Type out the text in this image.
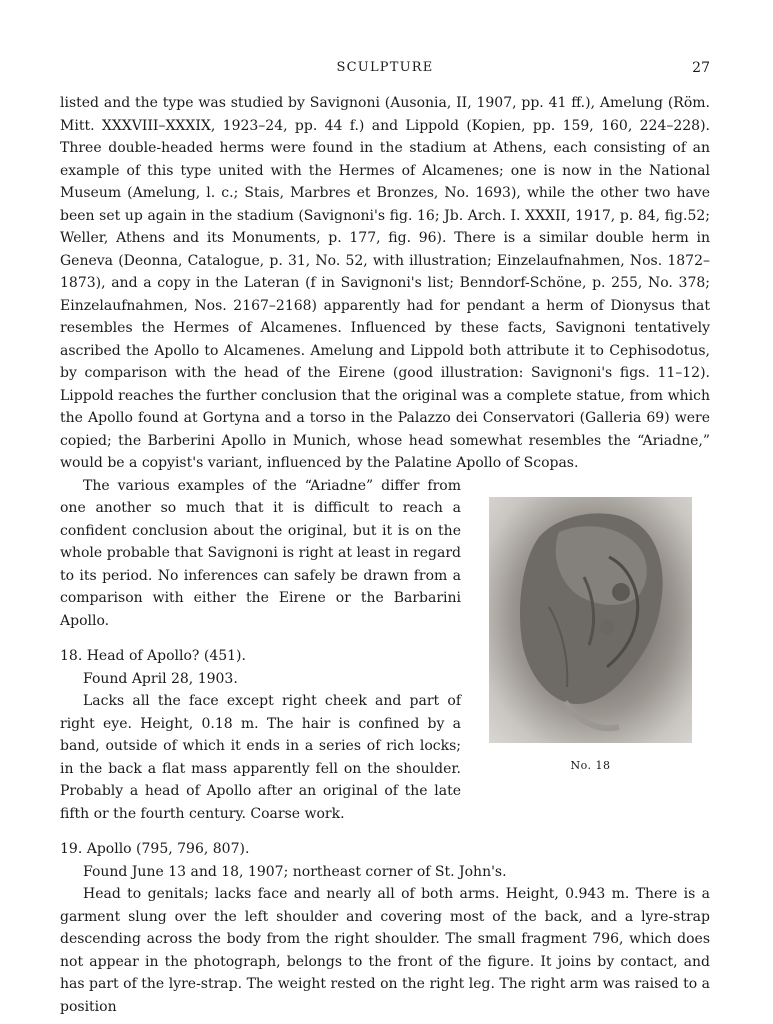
SCULPTURE	27

listed and the type was studied by Savignoni (Ausonia, II, 1907, pp. 41 ff.), Amelung (Röm. Mitt. XXXVIII–XXXIX, 1923–24, pp. 44 f.) and Lippold (Kopien, pp. 159, 160, 224–228). Three double-headed herms were found in the stadium at Athens, each consisting of an example of this type united with the Hermes of Alcamenes; one is now in the National Museum (Amelung, l. c.; Stais, Marbres et Bronzes, No. 1693), while the other two have been set up again in the stadium (Savignoni's fig. 16; Jb. Arch. I. XXXII, 1917, p. 84, fig.52; Weller, Athens and its Monuments, p. 177, fig. 96). There is a similar double herm in Geneva (Deonna, Catalogue, p. 31, No. 52, with illustration; Einzelaufnahmen, Nos. 1872–1873), and a copy in the Lateran (f in Savignoni's list; Benndorf-Schöne, p. 255, No. 378; Einzelaufnahmen, Nos. 2167–2168) apparently had for pendant a herm of Dionysus that resembles the Hermes of Alcamenes. Influenced by these facts, Savignoni tentatively ascribed the Apollo to Alcamenes. Amelung and Lippold both attribute it to Cephisodotus, by comparison with the head of the Eirene (good illustration: Savignoni's figs. 11–12). Lippold reaches the further conclusion that the original was a complete statue, from which the Apollo found at Gortyna and a torso in the Palazzo dei Conservatori (Galleria 69) were copied; the Barberini Apollo in Munich, whose head somewhat resembles the “Ariadne,” would be a copyist's variant, influenced by the Palatine Apollo of Scopas.

No. 18

The various examples of the “Ariadne” differ from one another so much that it is difficult to reach a confident conclusion about the original, but it is on the whole probable that Savignoni is right at least in regard to its period. No inferences can safely be drawn from a comparison with either the Eirene or the Barbarini Apollo.

18. Head of Apollo? (451).

Found April 28, 1903.

Lacks all the face except right cheek and part of right eye. Height, 0.18 m. The hair is confined by a band, outside of which it ends in a series of rich locks; in the back a flat mass apparently fell on the shoulder. Probably a head of Apollo after an original of the late fifth or the fourth century. Coarse work.

19. Apollo (795, 796, 807).

Found June 13 and 18, 1907; northeast corner of St. John's.

Head to genitals; lacks face and nearly all of both arms. Height, 0.943 m. There is a garment slung over the left shoulder and covering most of the back, and a lyre-strap descending across the body from the right shoulder. The small fragment 796, which does not appear in the photograph, belongs to the front of the figure. It joins by contact, and has part of the lyre-strap. The weight rested on the right leg. The right arm was raised to a position
